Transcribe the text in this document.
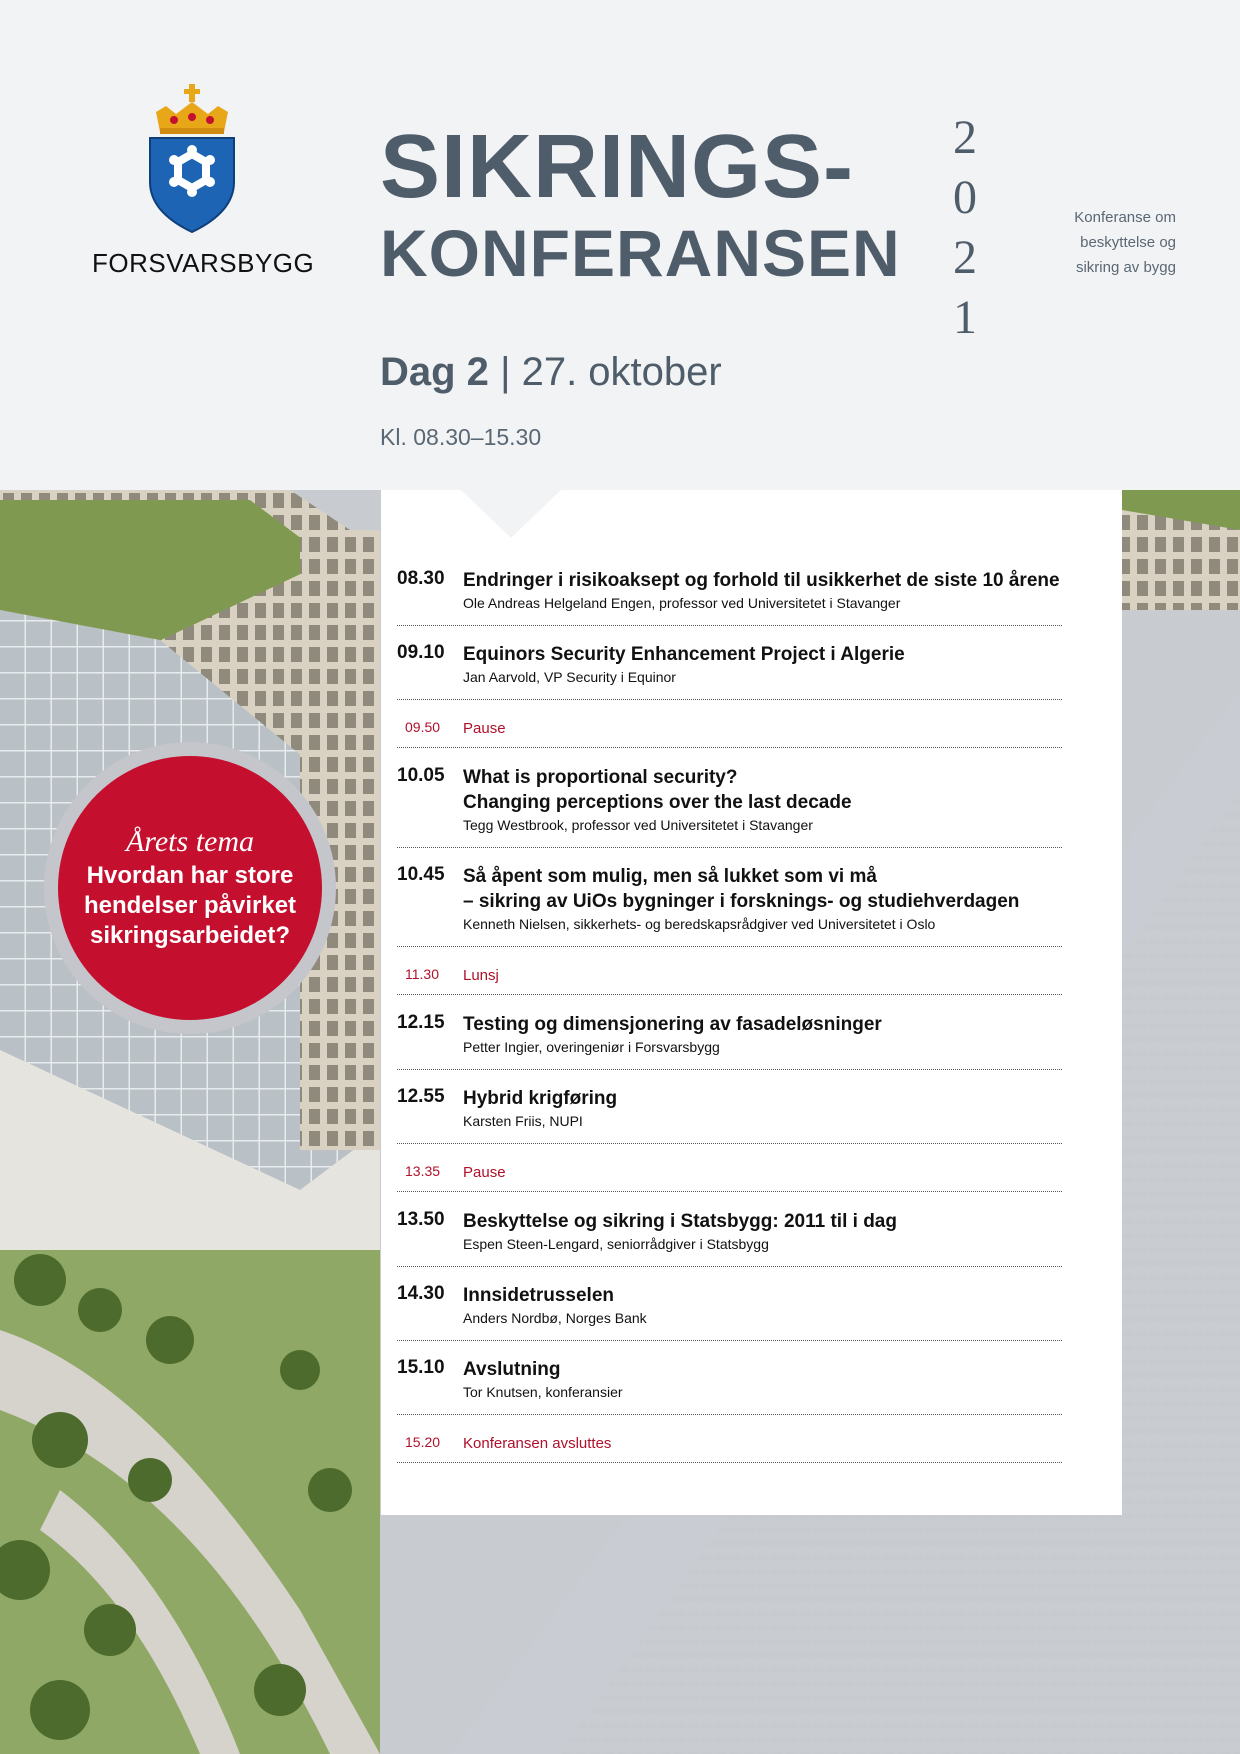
FORSVARSBYGG
SIKRINGS-
KONFERANSEN
2
0
2
1
Konferanse om
beskyttelse og
sikring av bygg
Dag 2 | 27. oktober
Kl. 08.30–15.30
Årets tema
Hvordan har store hendelser påvirket sikringsarbeidet?
08.30 Endringer i risikoaksept og forhold til usikkerhet de siste 10 årene
Ole Andreas Helgeland Engen, professor ved Universitetet i Stavanger
09.10 Equinors Security Enhancement Project i Algerie
Jan Aarvold, VP Security i Equinor
09.50	Pause
10.05 What is proportional security?
Changing perceptions over the last decade
Tegg Westbrook, professor ved Universitetet i Stavanger
10.45 Så åpent som mulig, men så lukket som vi må
– sikring av UiOs bygninger i forsknings- og studiehverdagen
Kenneth Nielsen, sikkerhets- og beredskapsrådgiver ved Universitetet i Oslo
11.30	Lunsj
12.15 Testing og dimensjonering av fasadeløsninger
Petter Ingier, overingeniør i Forsvarsbygg
12.55 Hybrid krigføring
Karsten Friis, NUPI
13.35	Pause
13.50 Beskyttelse og sikring i Statsbygg: 2011 til i dag
Espen Steen-Lengard, seniorrådgiver i Statsbygg
14.30 Innsidetrusselen
Anders Nordbø, Norges Bank
15.10 Avslutning
Tor Knutsen, konferansier
15.20	Konferansen avsluttes
